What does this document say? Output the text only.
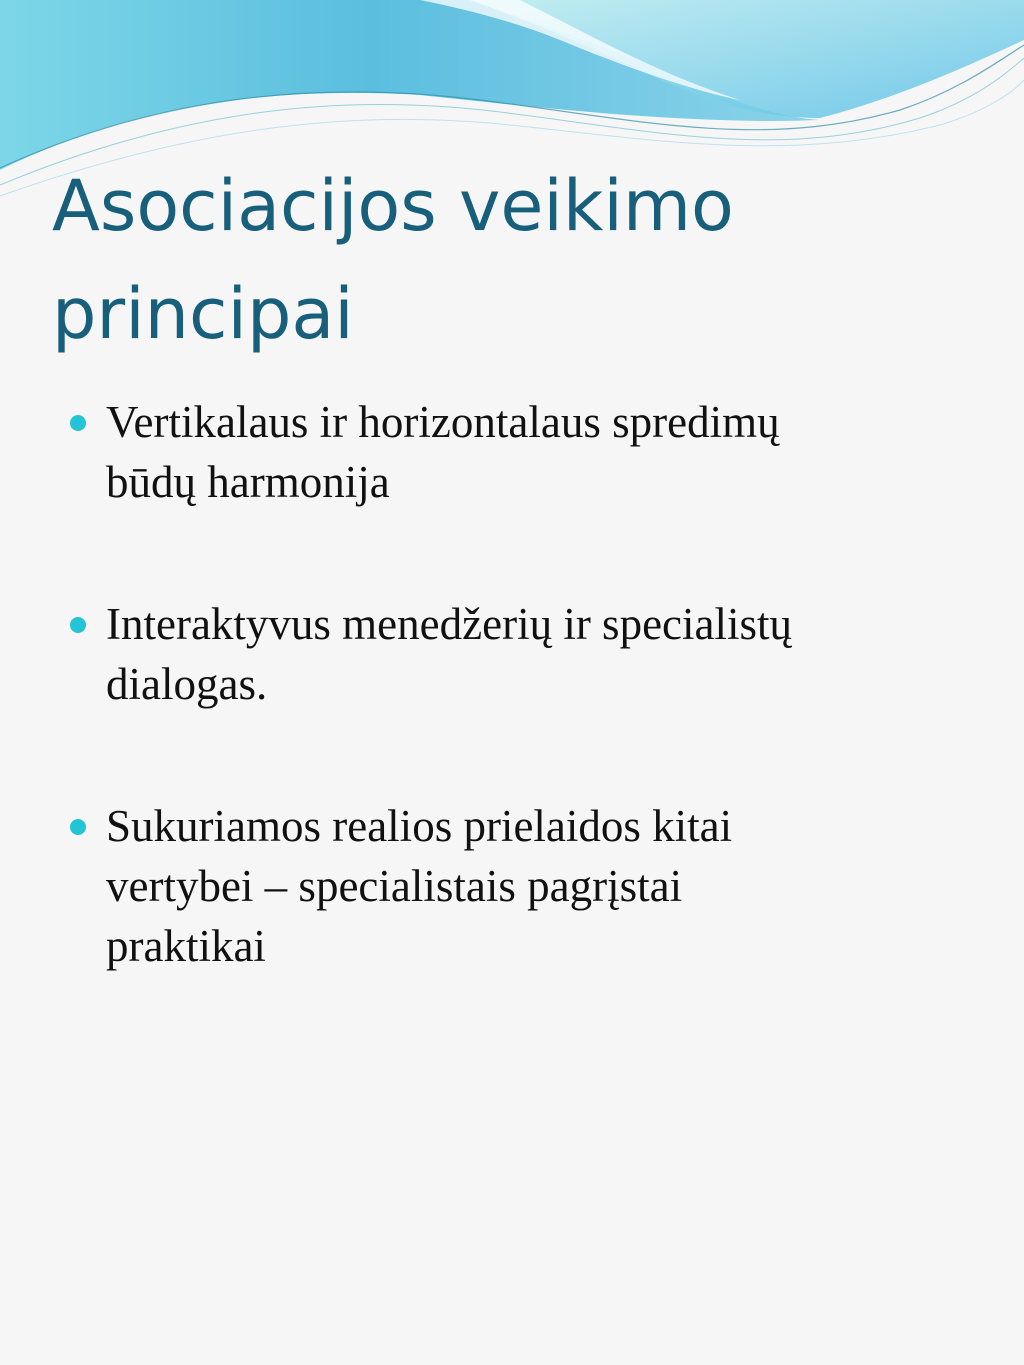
Asociacijos veikimo
principai
Vertikalaus ir horizontalaus spredimų
būdų harmonija
Interaktyvus menedžerių ir specialistų
dialogas.
Sukuriamos realios prielaidos kitai
vertybei – specialistais pagrįstai
praktikai
